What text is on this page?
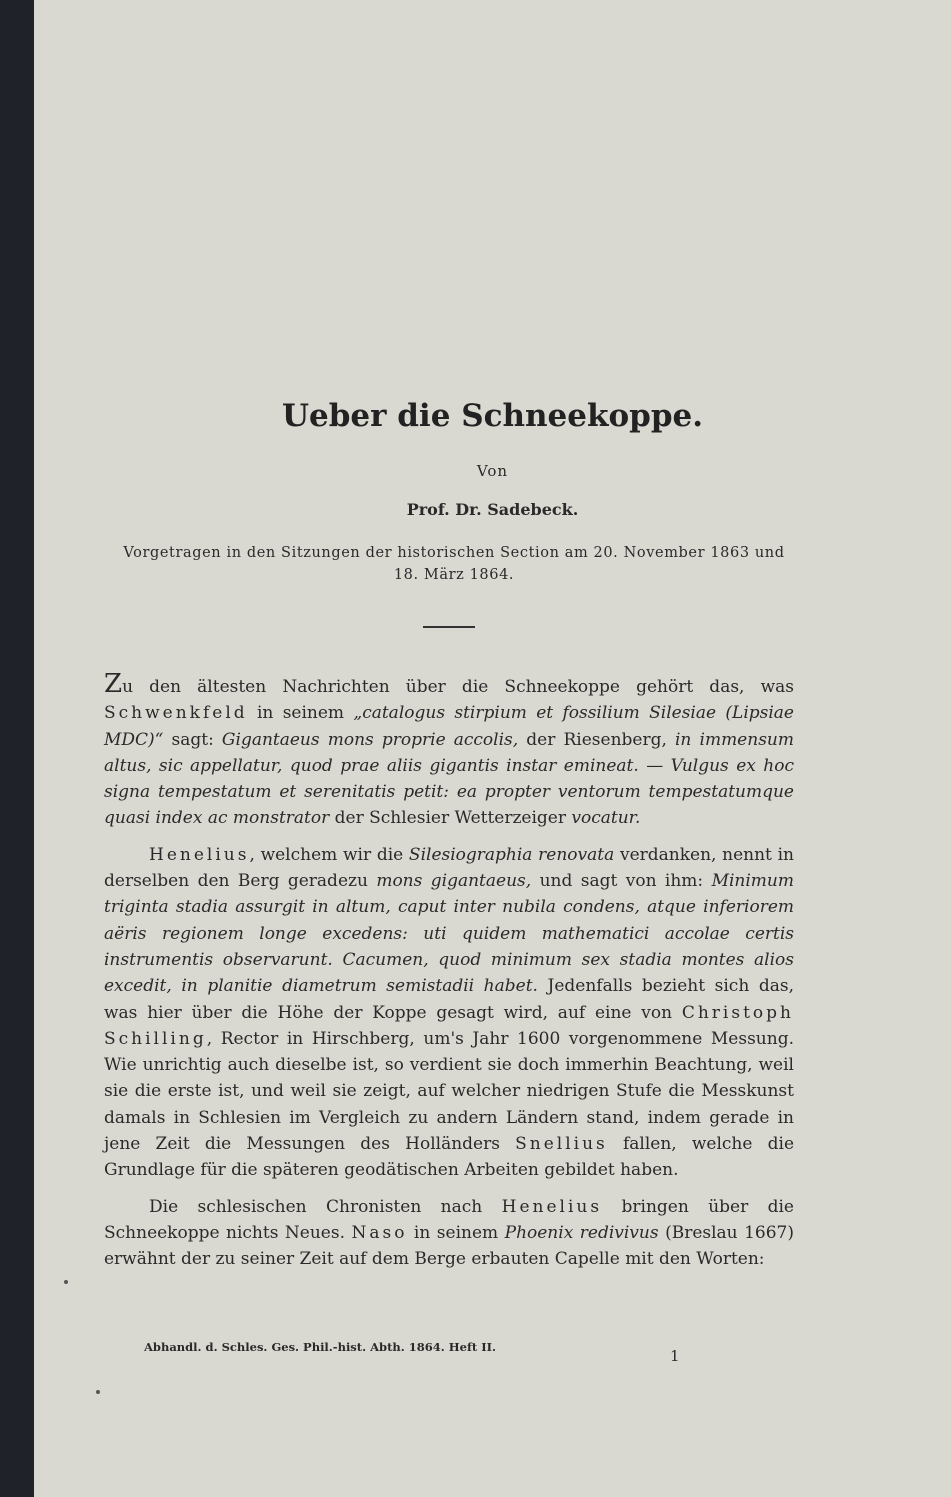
Ueber die Schneekoppe.
Von
Prof. Dr. Sadebeck.
Vorgetragen in den Sitzungen der historischen Section am 20. November 1863 und 18. März 1864.

Zu den ältesten Nachrichten über die Schneekoppe gehört das, was Schwenkfeld in seinem „catalogus stirpium et fossilium Silesiae (Lipsiae MDC)“ sagt: Gigantaeus mons proprie accolis, der Riesenberg, in immensum altus, sic appellatur, quod prae aliis gigantis instar emineat. — Vulgus ex hoc signa tempestatum et serenitatis petit: ea propter ventorum tempestatumque quasi index ac monstrator der Schlesier Wetterzeiger vocatur.

Henelius, welchem wir die Silesiographia renovata verdanken, nennt in derselben den Berg geradezu mons gigantaeus, und sagt von ihm: Minimum triginta stadia assurgit in altum, caput inter nubila condens, atque inferiorem aëris regionem longe excedens: uti quidem mathematici accolae certis instrumentis observarunt. Cacumen, quod minimum sex stadia montes alios excedit, in planitie diametrum semistadii habet. Jedenfalls bezieht sich das, was hier über die Höhe der Koppe gesagt wird, auf eine von Christoph Schilling, Rector in Hirschberg, um's Jahr 1600 vorgenommene Messung. Wie unrichtig auch dieselbe ist, so verdient sie doch immerhin Beachtung, weil sie die erste ist, und weil sie zeigt, auf welcher niedrigen Stufe die Messkunst damals in Schlesien im Vergleich zu andern Ländern stand, indem gerade in jene Zeit die Messungen des Holländers Snellius fallen, welche die Grundlage für die späteren geodätischen Arbeiten gebildet haben.

Die schlesischen Chronisten nach Henelius bringen über die Schneekoppe nichts Neues. Naso in seinem Phoenix redivivus (Breslau 1667) erwähnt der zu seiner Zeit auf dem Berge erbauten Capelle mit den Worten:

Abhandl. d. Schles. Ges. Phil.-hist. Abth. 1864. Heft II.	1
